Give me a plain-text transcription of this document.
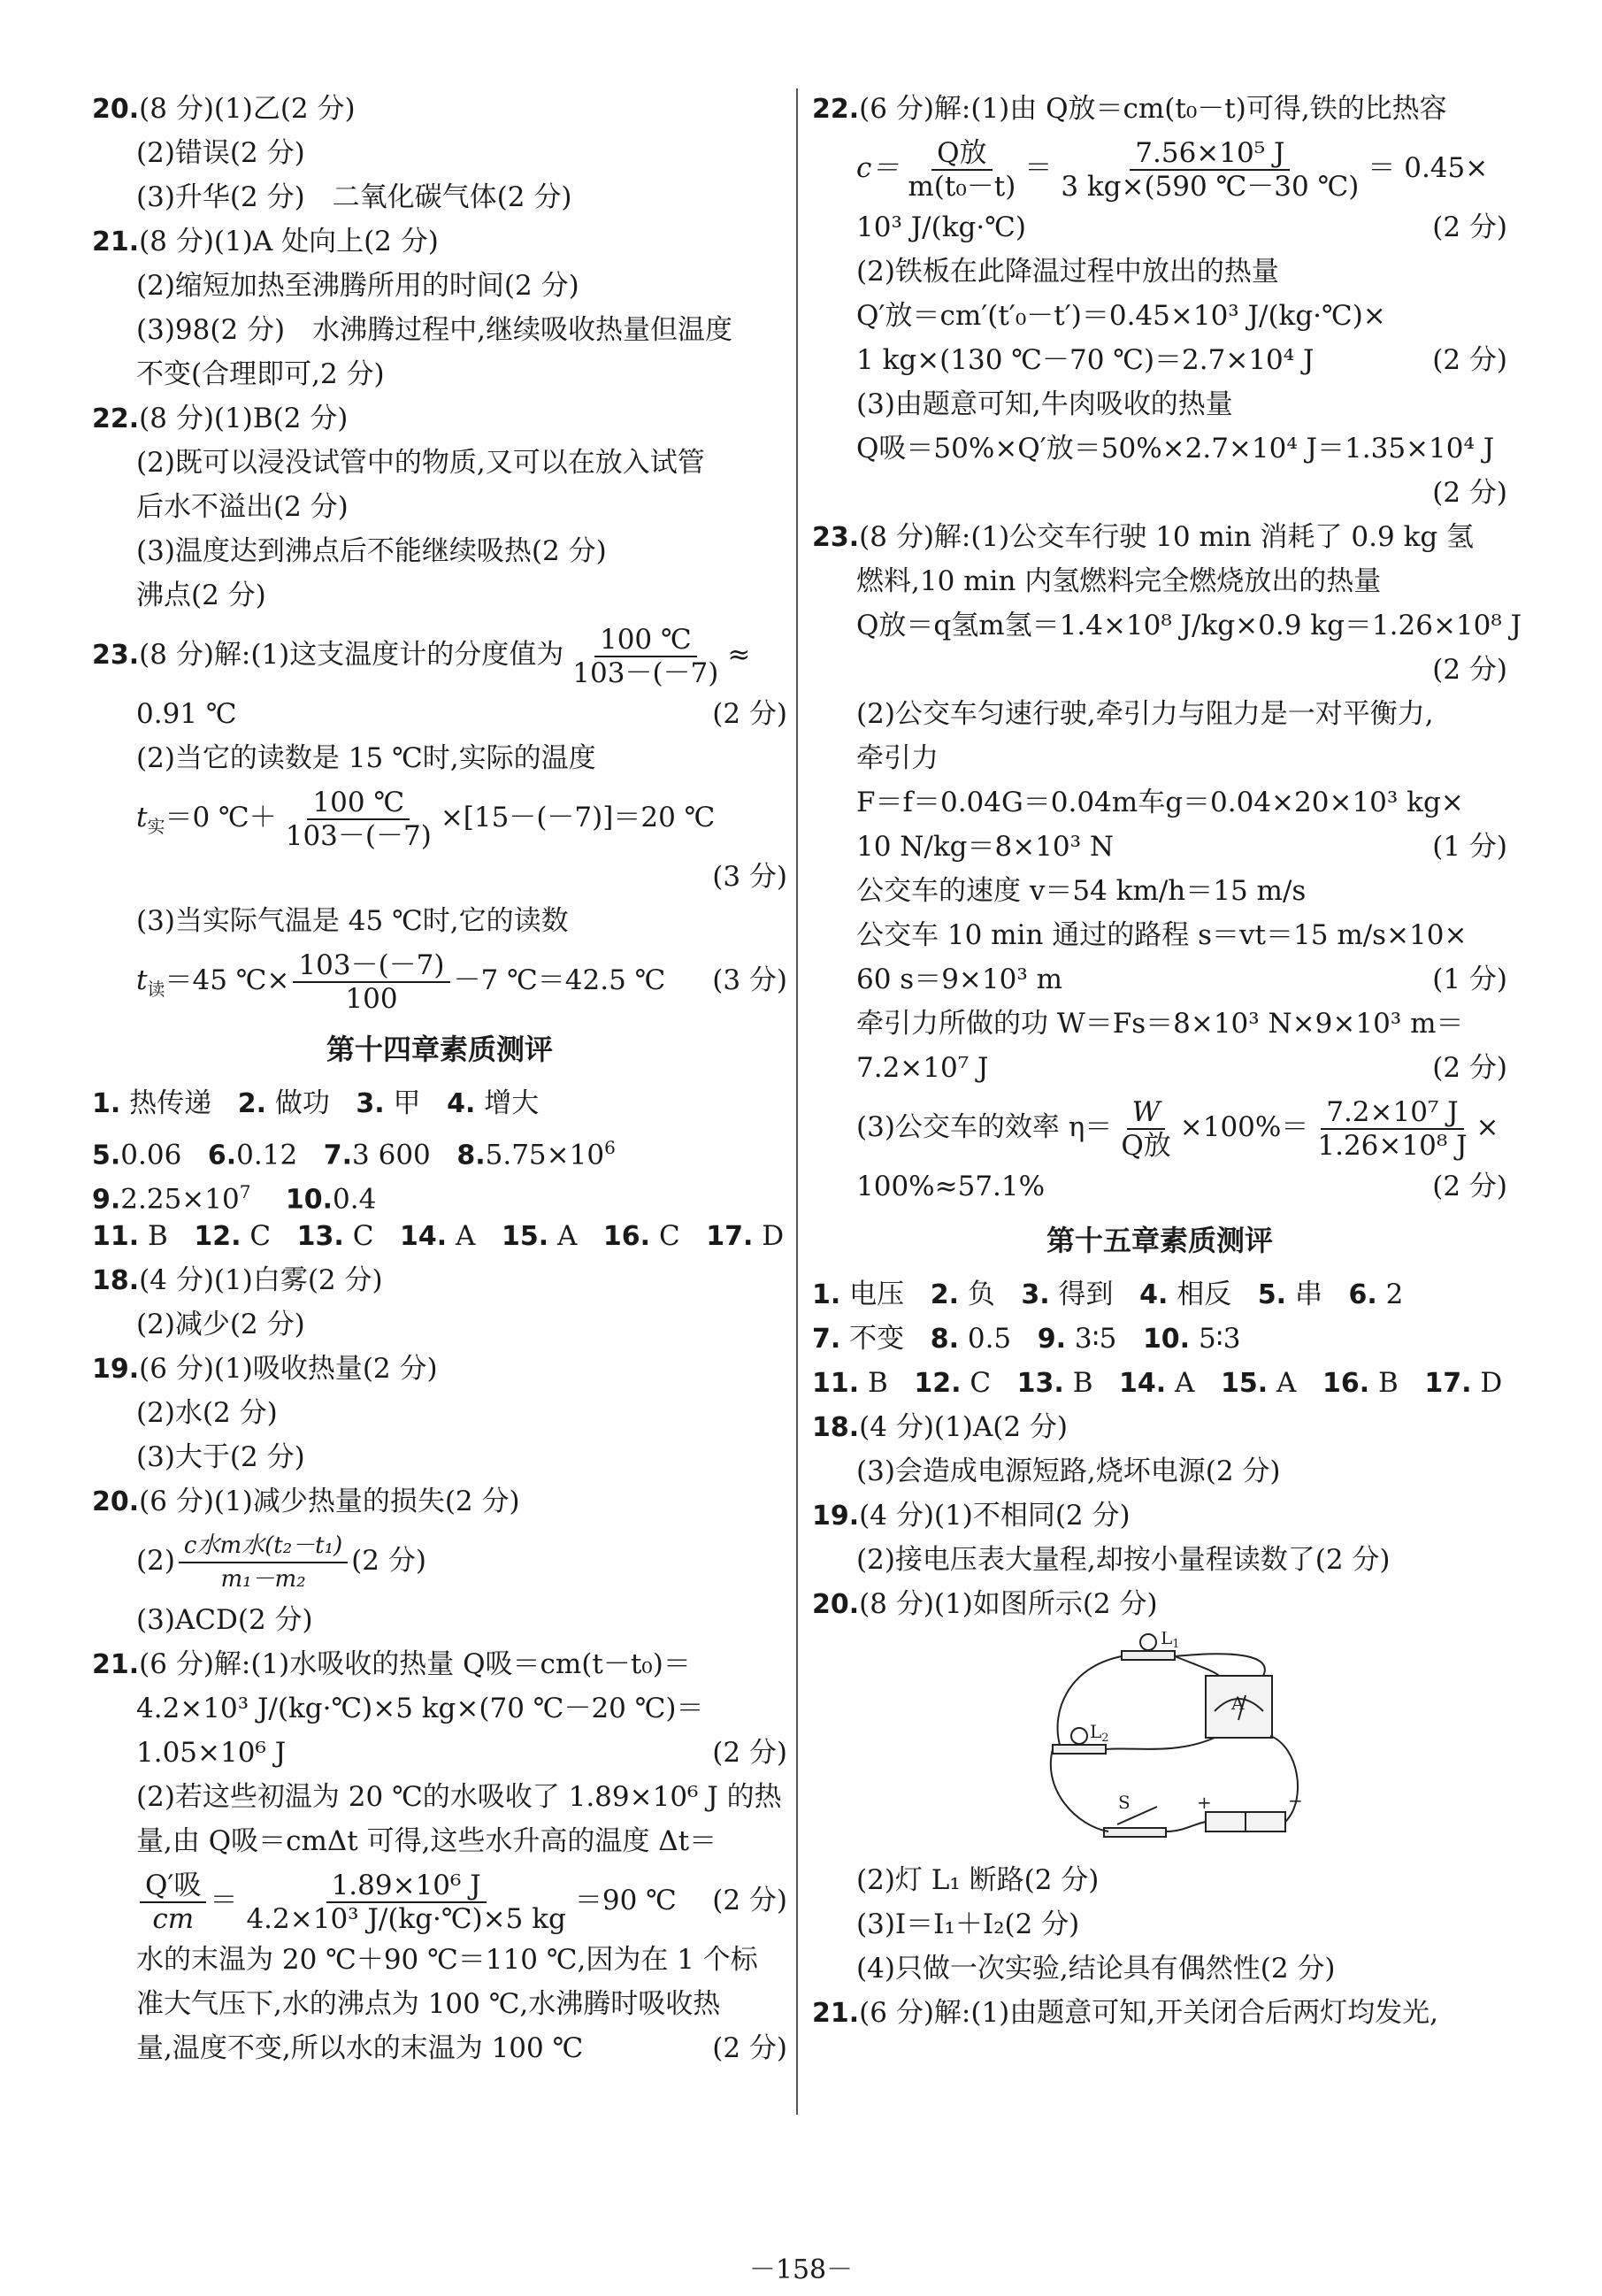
20.(8 分)(1)乙(2 分)
(2)错误(2 分)
(3)升华(2 分)　二氧化碳气体(2 分)
21.(8 分)(1)A 处向上(2 分)
(2)缩短加热至沸腾所用的时间(2 分)
(3)98(2 分)　水沸腾过程中,继续吸收热量但温度
不变(合理即可,2 分)
22.(8 分)(1)B(2 分)
(2)既可以浸没试管中的物质,又可以在放入试管
后水不溢出(2 分)
(3)温度达到沸点后不能继续吸热(2 分)
沸点(2 分)
23.(8 分)解:(1)这支温度计的分度值为 $\frac{100 ℃}{103-(-7)}$ ≈
0.91 ℃	(2 分)
(2)当它的读数是 15 ℃时,实际的温度
$t_实=0$ ℃＋ $\frac{100 ℃}{103-(-7)} \times[15-(-7)]=20$ ℃
(3 分)
(3)当实际气温是 45 ℃时,它的读数
$t_读=45$ ℃× $\frac{103-(-7)}{100} -7$ ℃＝42.5 ℃ (3 分)
第十四章素质测评
1. 热传递 2. 做功 3. 甲 4. 增大
5.0.06 6.0.12 7.3 600 $8.5.75\times 10^6$
$9.2.25\times 10^7$ 10.0.4
11. B 12. C 13. C 14. A 15. A 16. C 17. D
18.(4 分)(1)白雾(2 分)
(2)减少(2 分)
19.(6 分)(1)吸收热量(2 分)
(2)水(2 分)
(3)大于(2 分)
20.(6 分)(1)减少热量的损失(2 分)
$(2) \frac{\text{c水m水(t₂－t₁)}}{\text{m₁－m₂}} (2$ 分)
(3)ACD(2 分)
21.(6 分)解:(1)水吸收的热量 Q吸＝cm(t－t₀)＝
4.2×10³ J/(kg·℃)×5 kg×(70 ℃－20 ℃)＝
1.05×10⁶ J	(2 分)
(2)若这些初温为 20 ℃的水吸收了 1.89×10⁶ J 的热
量,由 Q吸＝cmΔt 可得,这些水升高的温度 Δt＝
$\frac{\text{Q′吸}}{cm} = \frac{\text{1.89×10⁶ J}}{\text{4.2×10³ J/(kg·℃)×5 kg}} =90$ ℃ (2 分)
水的末温为 20 ℃＋90 ℃＝110 ℃,因为在 1 个标
准大气压下,水的沸点为 100 ℃,水沸腾时吸收热
量,温度不变,所以水的末温为 100 ℃	(2 分)
22.(6 分)解:(1)由 Q放＝cm(t₀－t)可得,铁的比热容
$c= \frac{\text{Q放}}{\text{m(t₀－t)}} = \frac{\text{7.56×10⁵ J}}{3 kg\times(590 ℃-30 ℃)} = 0.45\times$
10³ J/(kg·℃)	(2 分)
(2)铁板在此降温过程中放出的热量
Q′放＝cm′(t′₀－t′)＝0.45×10³ J/(kg·℃)×
1 kg×(130 ℃－70 ℃)＝2.7×10⁴ J	(2 分)
(3)由题意可知,牛肉吸收的热量
Q吸＝50%×Q′放＝50%×2.7×10⁴ J＝1.35×10⁴ J
(2 分)
23.(8 分)解:(1)公交车行驶 10 min 消耗了 0.9 kg 氢
燃料,10 min 内氢燃料完全燃烧放出的热量
Q放＝q氢m氢＝1.4×10⁸ J/kg×0.9 kg＝1.26×10⁸ J
(2 分)
(2)公交车匀速行驶,牵引力与阻力是一对平衡力,
牵引力
F＝f＝0.04G＝0.04m车g＝0.04×20×10³ kg×
10 N/kg＝8×10³ N	(1 分)
公交车的速度 v＝54 km/h＝15 m/s
公交车 10 min 通过的路程 s＝vt＝15 m/s×10×
60 s＝9×10³ m	(1 分)
牵引力所做的功 W＝Fs＝8×10³ N×9×10³ m＝
7.2×10⁷ J	(2 分)
(3)公交车的效率 $\eta= \frac{W}{\text{Q放}} \times 100\%= \frac{\text{7.2×10⁷ J}}{\text{1.26×10⁸ J}}$ ×
100%≈57.1%	(2 分)
第十五章素质测评
1. 电压 2. 负 3. 得到 4. 相反 5. 串 6. 2
7. 不变 8. 0.5 9. 3∶5 10. 5∶3
11. B 12. C 13. B 14. A 15. A 16. B 17. D
18.(4 分)(1)A(2 分)
(3)会造成电源短路,烧坏电源(2 分)
19.(4 分)(1)不相同(2 分)
(2)接电压表大量程,却按小量程读数了(2 分)
20.(8 分)(1)如图所示(2 分)
$L_1$
$L_2$
A
S	+	−
(2)灯 L₁ 断路(2 分)
(3)I＝I₁＋I₂(2 分)
(4)只做一次实验,结论具有偶然性(2 分)
21.(6 分)解:(1)由题意可知,开关闭合后两灯均发光,
－158－
